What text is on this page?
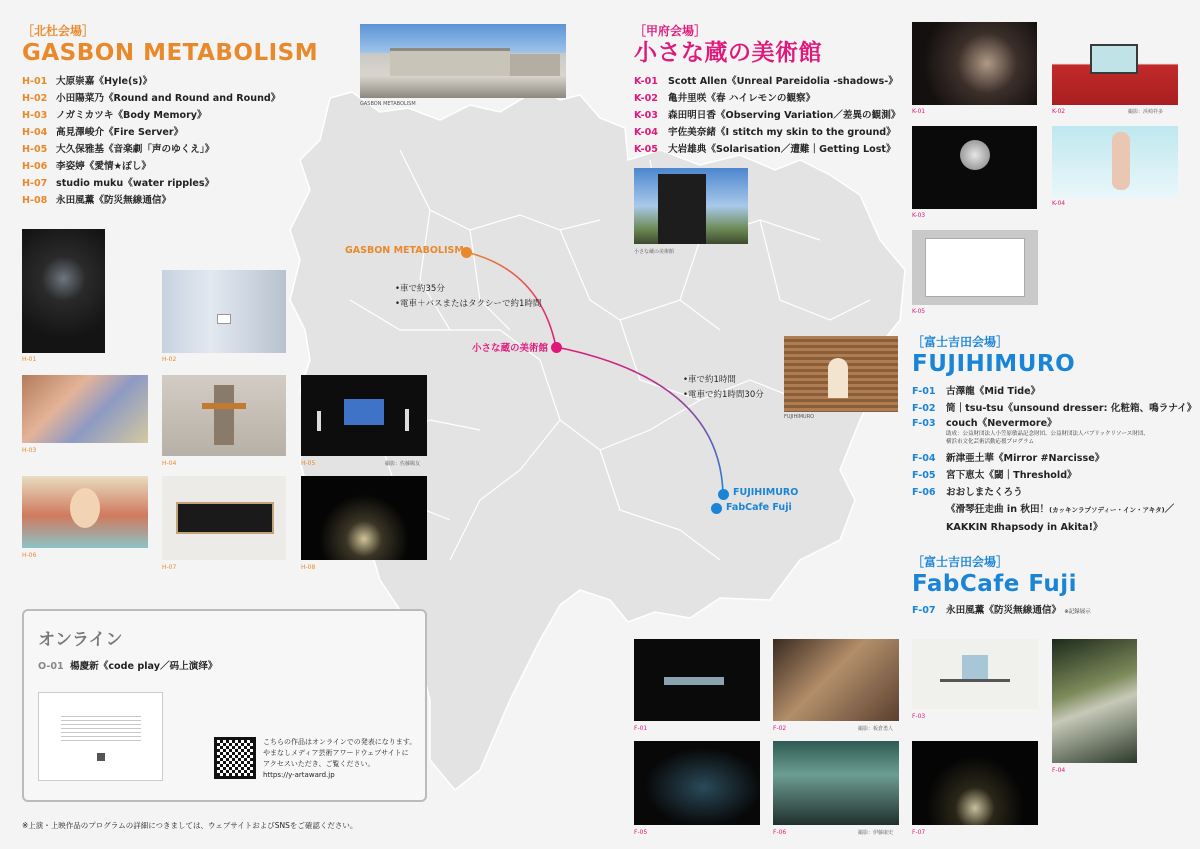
GASBON METABOLISM
小さな蔵の美術館
FUJIHIMURO
FabCafe Fuji
•車で約35分
•電車＋バスまたはタクシーで約1時間
•車で約1時間
•電車で約1時間30分
［北杜会場］
GASBON METABOLISM
H-01 大原崇嘉《Hyle(s)》
H-02 小田陽菜乃《Round and Round and Round》
H-03 ノガミカツキ《Body Memory》
H-04 高見澤峻介《Fire Server》
H-05 大久保雅基《音楽劇「声のゆくえ」》
H-06 李姿婷《愛情★ぽし》
H-07 studio muku《water ripples》
H-08 永田風薫《防災無線通信》
GASBON METABOLISM
H-01	H-02
H-03
H-04	H-05	撮影：佐藤陽友
H-06
H-07	H-08
［甲府会場］
小さな蔵の美術館
K-01 Scott Allen《Unreal Pareidolia -shadows-》
K-02 亀井里咲《春 ハイレモンの観察》
K-03 森田明日香《Observing Variation／差異の観測》
K-04 宇佐美奈緒《I stitch my skin to the ground》
K-05 大岩雄典《Solarisation／遭難｜Getting Lost》
小さな蔵の美術館
K-01	K-02	撮影：浜崎祥多
K-03
K-04
K-05
FUJIHIMURO
［富士吉田会場］
FUJIHIMURO
F-01 古澤龍《Mid Tide》
F-02 筒｜tsu-tsu《unsound dresser: 化粧箱、鳴ラナイ》
F-03 couch《Nevermore》
助成：公益財団法人小笠原敏晶記念財団、公益財団法人パブリックリソース財団、
横浜市文化芸術活動応援プログラム
F-04 新津亜土華《Mirror #Narcisse》
F-05 宮下恵太《閾｜Threshold》
F-06 おおしまたくろう
《滑琴狂走曲 in 秋田！(カッキンラプソディー・イン・アキタ)／
KAKKIN Rhapsody in Akita!》
［富士吉田会場］
FabCafe Fuji
F-07 永田風薫《防災無線通信》 ※記録展示
F-01	F-02	撮影：板倉勇人
F-03
F-04
F-05	F-06	撮影：伊藤康史	F-07
オンライン
O-01 楊慶新《code play／码上演绎》
こちらの作品はオンラインでの発表になります。
やまなしメディア芸術アワードウェブサイトに
アクセスいただき、ご覧ください。
https://y-artaward.jp
※上演・上映作品のプログラムの詳細につきましては、ウェブサイトおよびSNSをご確認ください。
